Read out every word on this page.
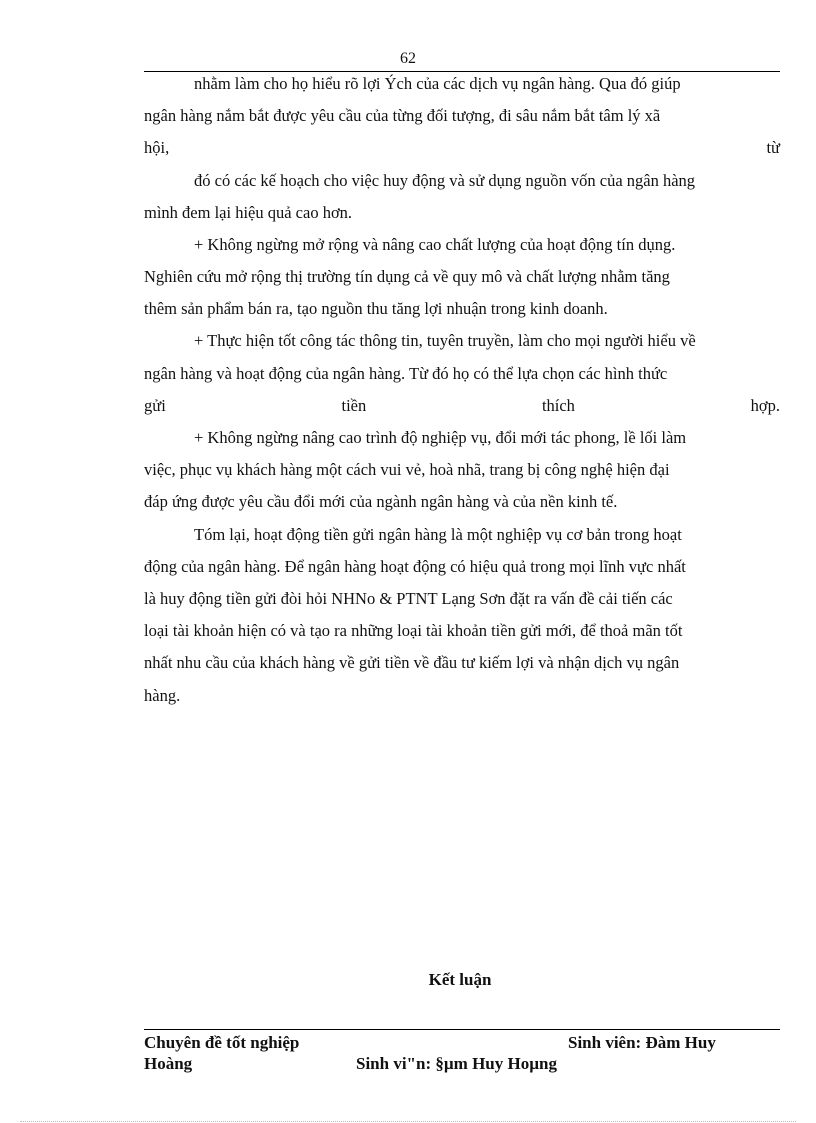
62
nhằm làm cho họ hiểu rõ lợi Ých của các dịch vụ ngân hàng. Qua đó giúp
ngân hàng nắm bắt được yêu cầu của từng đối tượng, đi sâu nắm bắt tâm lý xã
hội,	từ
đó có các kế hoạch cho việc huy động và sử dụng nguồn vốn của ngân hàng
mình đem lại hiệu quả cao hơn.
+ Không ngừng mở rộng và nâng cao chất lượng của hoạt động tín dụng.
Nghiên cứu mở rộng thị trường tín dụng cả về quy mô và chất lượng nhằm tăng
thêm sản phẩm bán ra, tạo nguồn thu tăng lợi nhuận trong kinh doanh.
+ Thực hiện tốt công tác thông tin, tuyên truyền, làm cho mọi người hiểu về
ngân hàng và hoạt động của ngân hàng. Từ đó họ có thể lựa chọn các hình thức
gửi	tiền	thích	hợp.
+ Không ngừng nâng cao trình độ nghiệp vụ, đổi mới tác phong, lề lối làm
việc, phục vụ khách hàng một cách vui vẻ, hoà nhã, trang bị công nghệ hiện đại
đáp ứng được yêu cầu đổi mới của ngành ngân hàng và của nền kinh tế.
Tóm lại, hoạt động tiền gửi ngân hàng là một nghiệp vụ cơ bản trong hoạt
động của ngân hàng. Để ngân hàng hoạt động có hiệu quả trong mọi lĩnh vực nhất
là huy động tiền gửi đòi hỏi NHNo & PTNT Lạng Sơn đặt ra vấn đề cải tiến các
loại tài khoản hiện có và tạo ra những loại tài khoản tiền gửi mới, để thoả mãn tốt
nhất nhu cầu của khách hàng về gửi tiền về đầu tư kiếm lợi và nhận dịch vụ ngân
hàng.
Kết luận
Chuyên đề tốt nghiệp	Sinh viên: Đàm Huy
Hoàng	Sinh vi"n: §µm Huy Hoµng
